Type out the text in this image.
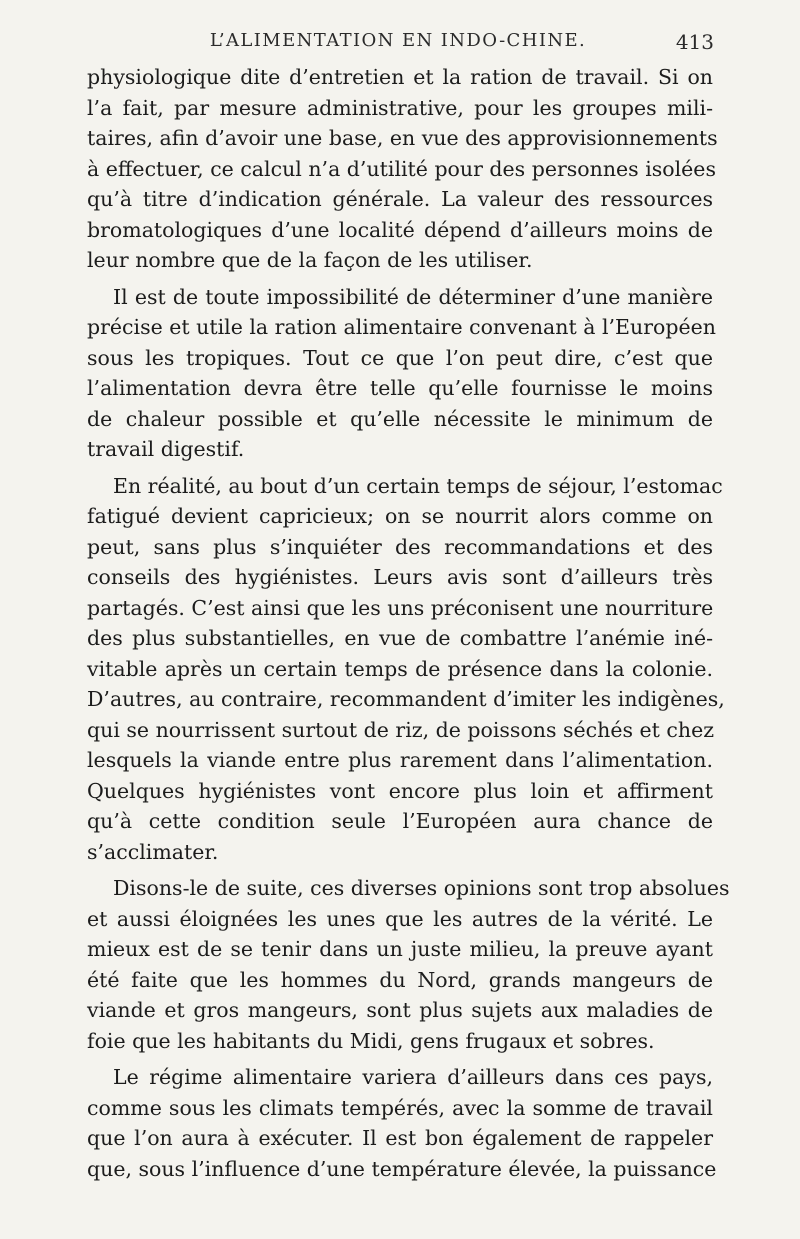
L’ALIMENTATION EN INDO-CHINE.	413
physiologique dite d’entretien et la ration de travail. Si on
l’a fait, par mesure administrative, pour les groupes mili-
taires, afin d’avoir une base, en vue des approvisionnements
à effectuer, ce calcul n’a d’utilité pour des personnes isolées
qu’à titre d’indication générale. La valeur des ressources
bromatologiques d’une localité dépend d’ailleurs moins de
leur nombre que de la façon de les utiliser.
Il est de toute impossibilité de déterminer d’une manière
précise et utile la ration alimentaire convenant à l’Européen
sous les tropiques. Tout ce que l’on peut dire, c’est que
l’alimentation devra être telle qu’elle fournisse le moins
de chaleur possible et qu’elle nécessite le minimum de
travail digestif.
En réalité, au bout d’un certain temps de séjour, l’estomac
fatigué devient capricieux; on se nourrit alors comme on
peut, sans plus s’inquiéter des recommandations et des
conseils des hygiénistes. Leurs avis sont d’ailleurs très
partagés. C’est ainsi que les uns préconisent une nourriture
des plus substantielles, en vue de combattre l’anémie iné-
vitable après un certain temps de présence dans la colonie.
D’autres, au contraire, recommandent d’imiter les indigènes,
qui se nourrissent surtout de riz, de poissons séchés et chez
lesquels la viande entre plus rarement dans l’alimentation.
Quelques hygiénistes vont encore plus loin et affirment
qu’à cette condition seule l’Européen aura chance de
s’acclimater.
Disons-le de suite, ces diverses opinions sont trop absolues
et aussi éloignées les unes que les autres de la vérité. Le
mieux est de se tenir dans un juste milieu, la preuve ayant
été faite que les hommes du Nord, grands mangeurs de
viande et gros mangeurs, sont plus sujets aux maladies de
foie que les habitants du Midi, gens frugaux et sobres.
Le régime alimentaire variera d’ailleurs dans ces pays,
comme sous les climats tempérés, avec la somme de travail
que l’on aura à exécuter. Il est bon également de rappeler
que, sous l’influence d’une température élevée, la puissance
